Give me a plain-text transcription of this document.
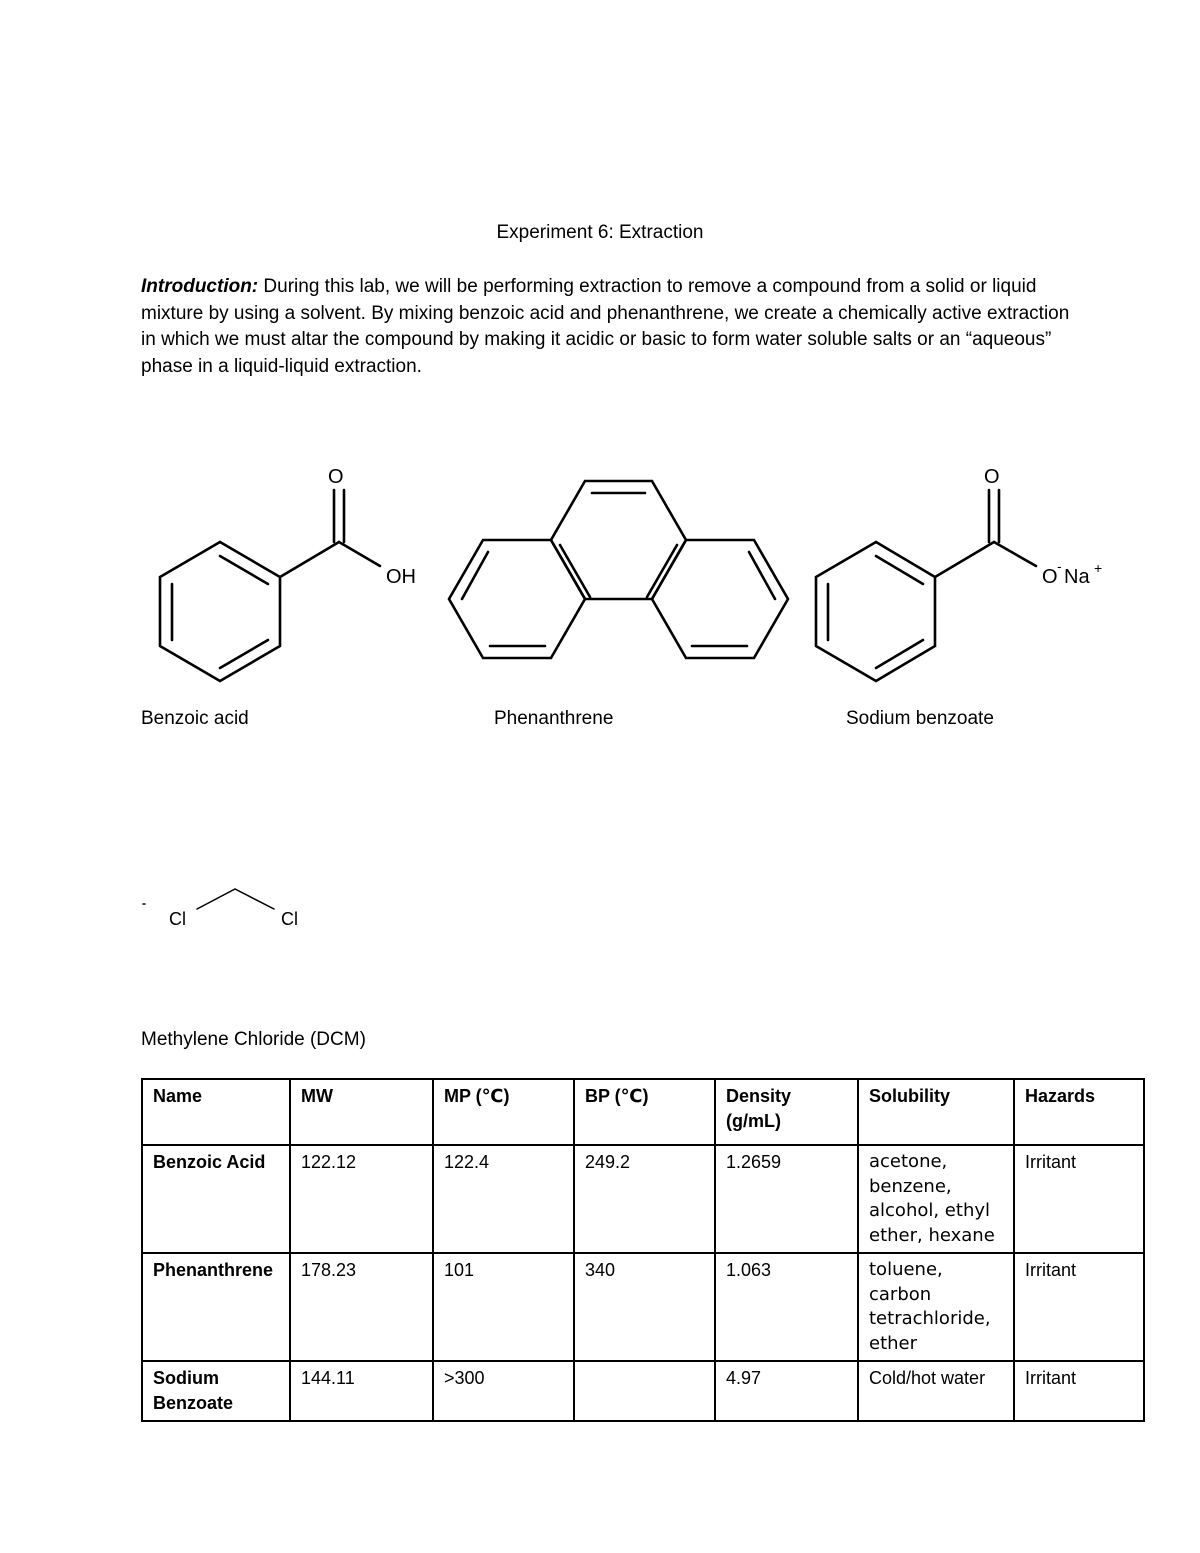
Experiment 6: Extraction
Introduction: During this lab, we will be performing extraction to remove a compound from a solid or liquid mixture by using a solvent. By mixing benzoic acid and phenanthrene, we create a chemically active extraction in which we must altar the compound by making it acidic or basic to form water soluble salts or an “aqueous” phase in a liquid-liquid extraction.
O
OH
O
O - Na +
Benzoic acid	Phenanthrene	Sodium benzoate
Cl	Cl
Methylene Chloride (DCM)
Name	MW	MP (℃)	BP (℃)	Density (g/mL)	Solubility	Hazards
Benzoic Acid	122.12	122.4	249.2	1.2659	acetone, benzene, alcohol, ethyl ether, hexane	Irritant
Phenanthrene	178.23	101	340	1.063	toluene, carbon tetrachloride, ether	Irritant
Sodium Benzoate	144.11	>300		4.97	Cold/hot water	Irritant
